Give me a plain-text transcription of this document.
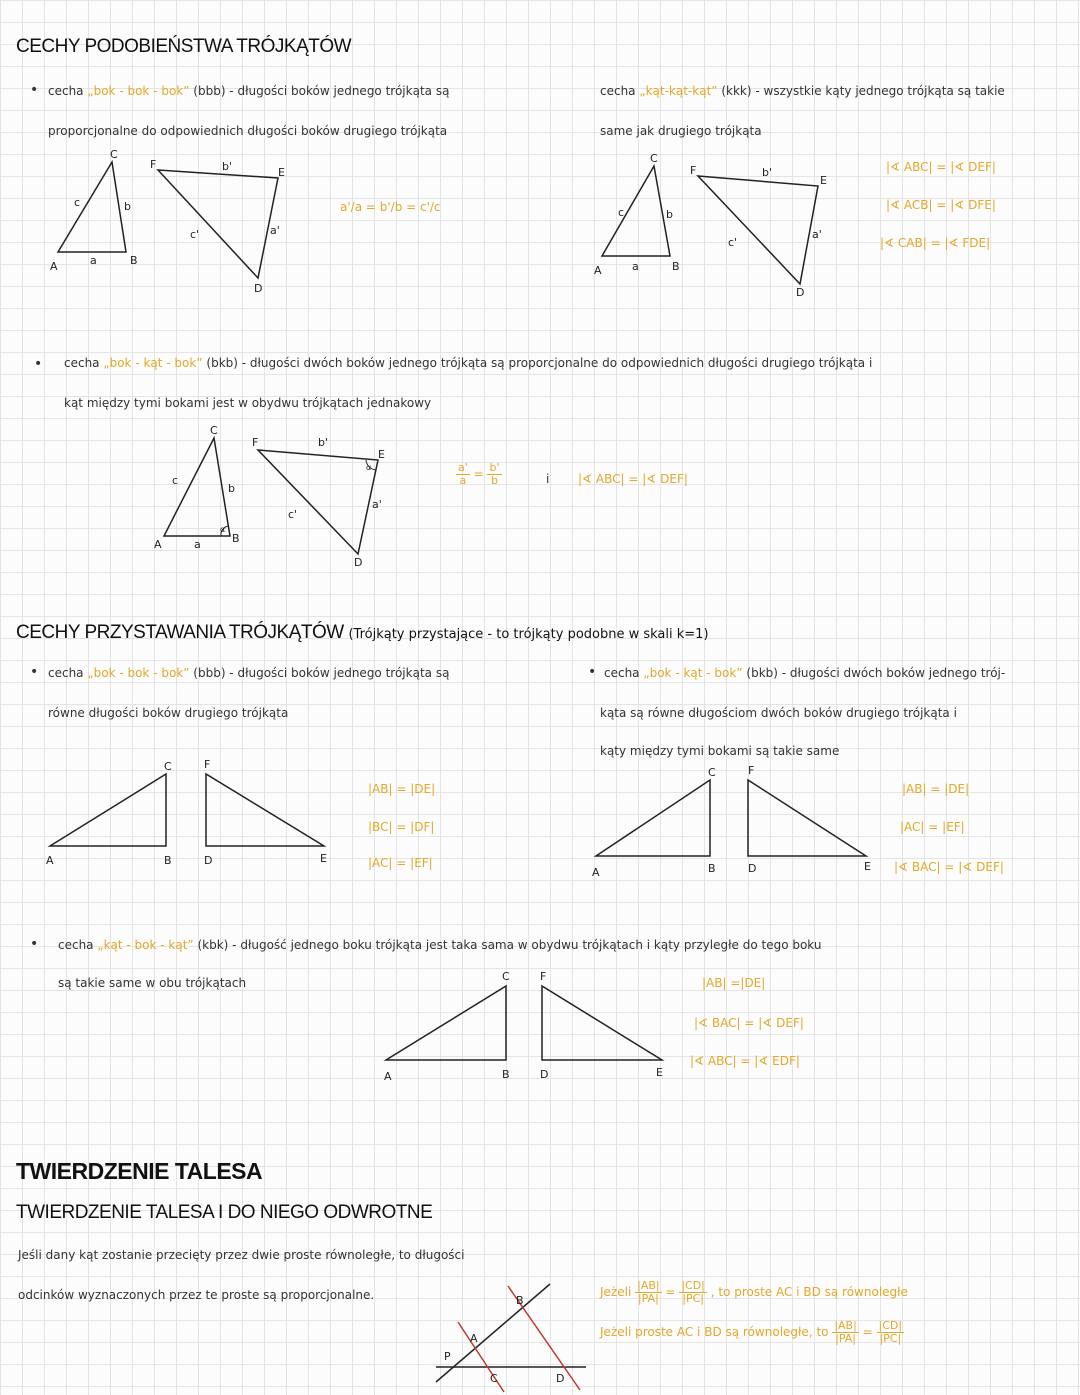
CECHY PODOBIEŃSTWA TRÓJKĄTÓW
• cecha „bok - bok - bok” (bbb) - długości boków jednego trójkąta są
proporcjonalne do odpowiednich długości boków drugiego trójkąta
A	B
C
a
b
c
F
E
D
b'
a'
c'
a'/a = b'/b = c'/c
cecha „kąt-kąt-kąt” (kkk) - wszystkie kąty jednego trójkąta są takie
same jak drugiego trójkąta
A	B
C
a
b
c
F
E
D
b'
a'
c'
|∢ ABC| = |∢ DEF|
|∢ ACB| = |∢ DFE|
|∢ CAB| = |∢ FDE|
• cecha „bok - kąt - bok” (bkb) - długości dwóch boków jednego trójkąta są proporcjonalne do odpowiednich długości drugiego trójkąta i
kąt między tymi bokami jest w obydwu trójkątach jednakowy
α
α
A	B
C
a
b
c
F
E
D
b'
a'
c'
$\frac{a'}{a} = \frac{b'}{b}$	i |∢ ABC| = |∢ DEF|
CECHY PRZYSTAWANIA TRÓJKĄTÓW (Trójkąty przystające - to trójkąty podobne w skali k=1)
• cecha „bok - bok - bok” (bbb) - długości boków jednego trójkąta są
równe długości boków drugiego trójkąta
A	B
C
D	E
F
|AB| = |DE|
|BC| = |DF|
|AC| = |EF|
• cecha „bok - kąt - bok” (bkb) - długości dwóch boków jednego trój-
kąta są równe długościom dwóch boków drugiego trójkąta i
kąty między tymi bokami są takie same
A	B
C
D	E
F
|AB| = |DE|
|AC| = |EF|
|∢ BAC| = |∢ DEF|
• cecha „kąt - bok - kąt” (kbk) - długość jednego boku trójkąta jest taka sama w obydwu trójkątach i kąty przyległe do tego boku
są takie same w obu trójkątach
A	B
C
D	E
F	|AB| =|DE|
|∢ BAC| = |∢ DEF|
|∢ ABC| = |∢ EDF|
TWIERDZENIE TALESA
TWIERDZENIE TALESA I DO NIEGO ODWROTNE
Jeśli dany kąt zostanie przecięty przez dwie proste równoległe, to długości
odcinków wyznaczonych przez te proste są proporcjonalne.
P
A
B
C	D
Jeżeli $\frac{|AB|}{|PA|} = \frac{|CD|}{|PC|}$ , to proste AC i BD są równoległe
Jeżeli proste AC i BD są równoległe, to $\frac{|AB|}{|PA|} = \frac{|CD|}{|PC|}$
